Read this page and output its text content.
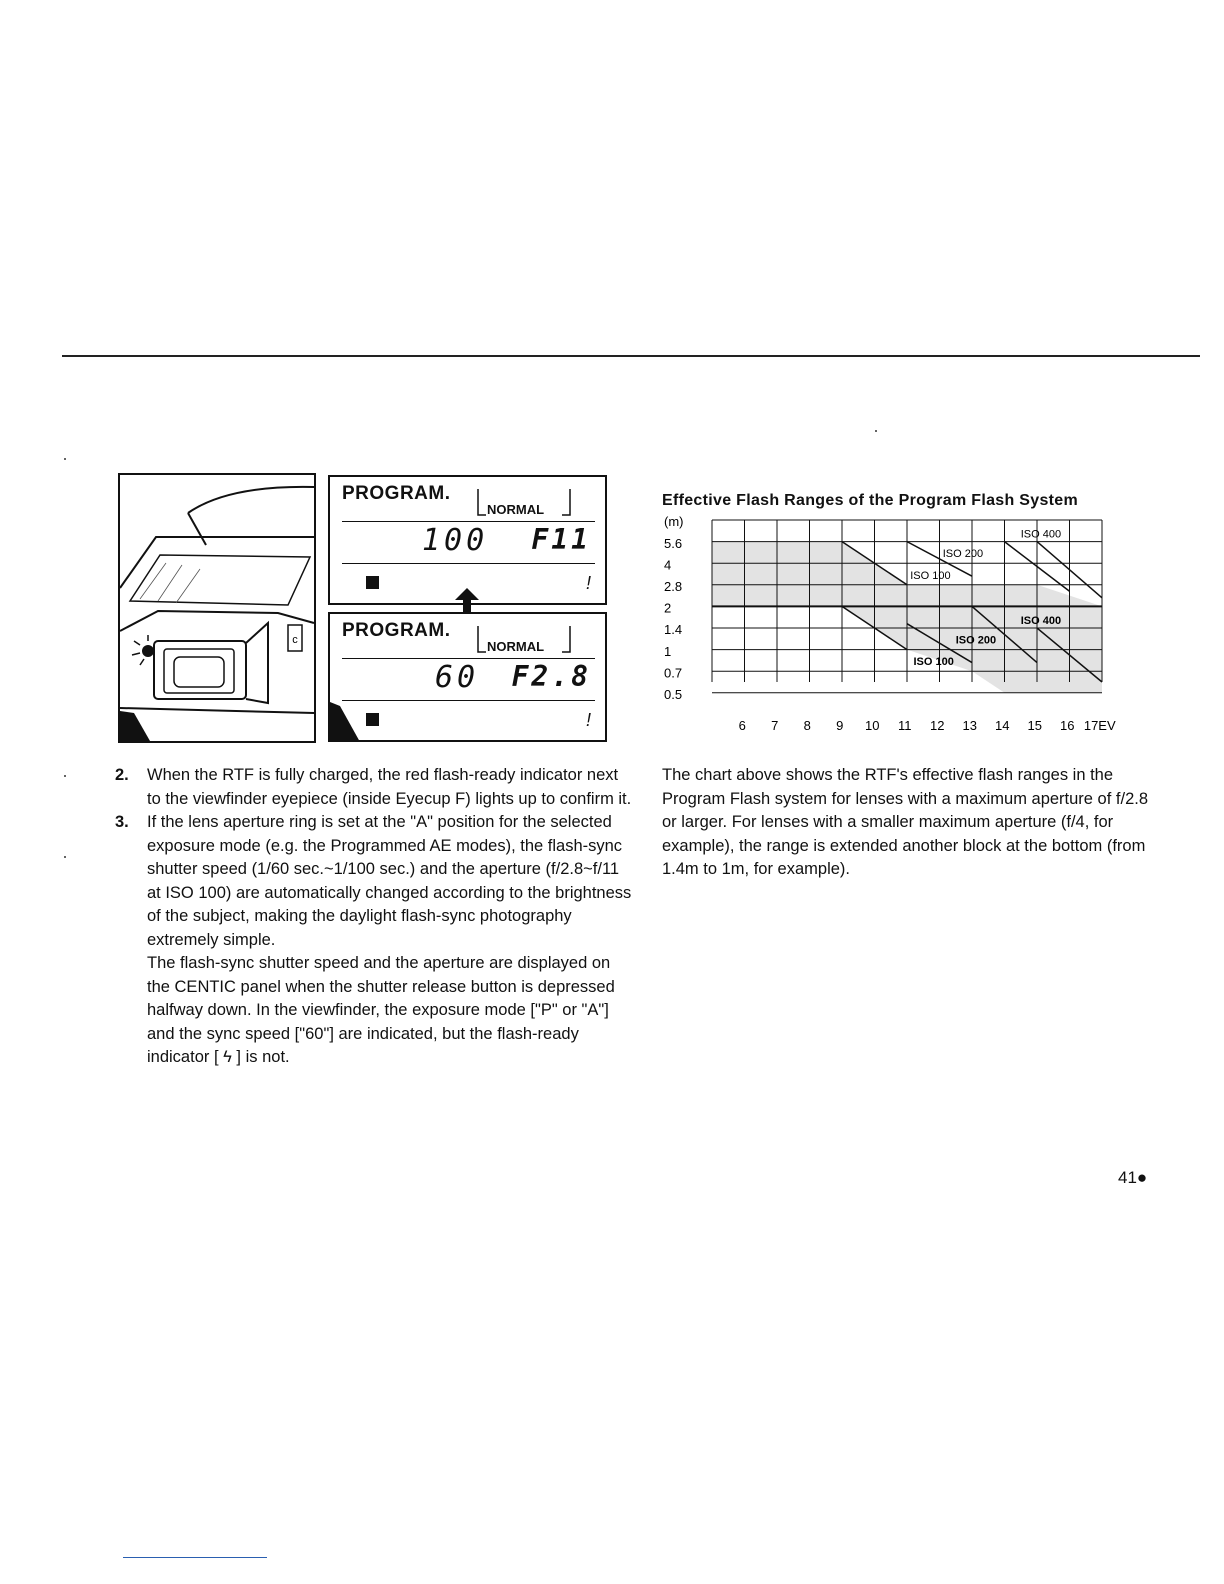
c
PROGRAM.
NORMAL
100 F11
!
PROGRAM.
NORMAL
60 F2.8
!
Effective Flash Ranges of the Program Flash System
5.6
4
2.8
2
1.4
1
0.7
0.5
(m)
6 7 8 9 10 11 12 13 14 15 16 17EV
ISO 400
ISO 200
ISO 100
ISO 400
ISO 200
ISO 100
2. When the RTF is fully charged, the red flash-ready indicator next to the viewfinder eyepiece (inside Eyecup F) lights up to confirm it.

3. If the lens aperture ring is set at the "A" position for the selected exposure mode (e.g. the Programmed AE modes), the flash-sync shutter speed (1/60 sec.~1/100 sec.) and the aperture (f/2.8~f/11 at ISO 100) are automatically changed according to the brightness of the subject, making the daylight flash-sync photography extremely simple.

The flash-sync shutter speed and the aperture are displayed on the CENTIC panel when the shutter release button is depressed halfway down. In the viewfinder, the exposure mode ["P" or "A"] and the sync speed ["60"] are indicated, but the flash-ready indicator [ ϟ ] is not.

The chart above shows the RTF's effective flash ranges in the Program Flash system for lenses with a maximum aperture of f/2.8 or larger. For lenses with a smaller maximum aperture (f/4, for example), the range is extended another block at the bottom (from 1.4m to 1m, for example).

41●
